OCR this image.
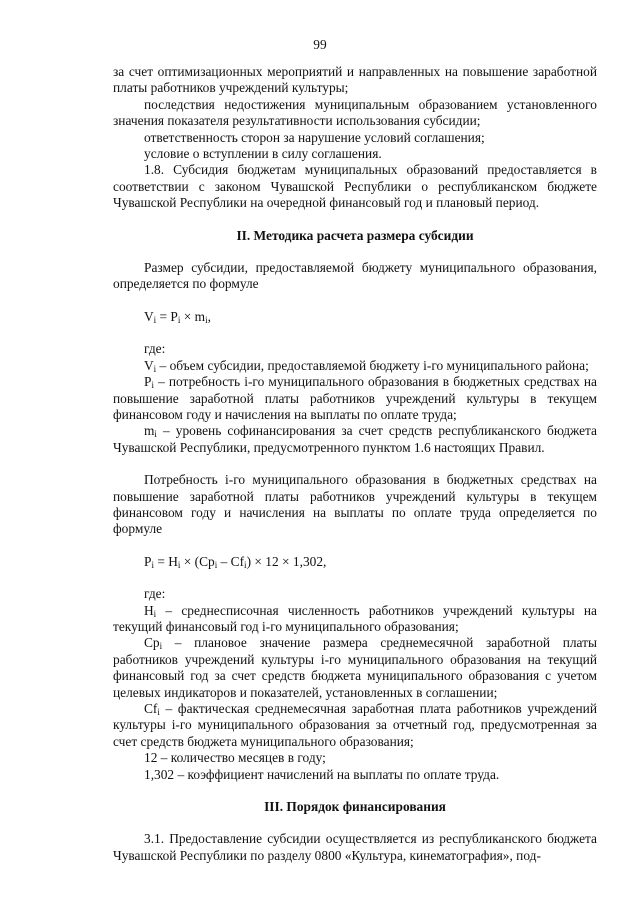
99

за счет оптимизационных мероприятий и направленных на повышение заработной платы работников учреждений культуры;

последствия недостижения муниципальным образованием установленного значения показателя результативности использования субсидии;

ответственность сторон за нарушение условий соглашения;

условие о вступлении в силу соглашения.

1.8. Субсидия бюджетам муниципальных образований предоставляется в соответствии с законом Чувашской Республики о республиканском бюджете Чувашской Республики на очередной финансовый год и плановый период.

II. Методика расчета размера субсидии

Размер субсидии, предоставляемой бюджету муниципального образования, определяется по формуле

$V_i = P_i \times m_i$,

где:

$V_i$ – объем субсидии, предоставляемой бюджету i-го муниципального района;

$P_i$ – потребность i-го муниципального образования в бюджетных средствах на повышение заработной платы работников учреждений культуры в текущем финансовом году и начисления на выплаты по оплате труда;

$m_i$ – уровень софинансирования за счет средств республиканского бюджета Чувашской Республики, предусмотренного пунктом 1.6 настоящих Правил.

Потребность i-го муниципального образования в бюджетных средствах на повышение заработной платы работников учреждений культуры в текущем финансовом году и начисления на выплаты по оплате труда определяется по формуле

$P_i = Н_i \times (Ср_i - Сf_i) \times 12 \times 1,302$,

где:

$Н_i$ – среднесписочная численность работников учреждений культуры на текущий финансовый год i-го муниципального образования;

$Ср_i$ – плановое значение размера среднемесячной заработной платы работников учреждений культуры i-го муниципального образования на текущий финансовый год за счет средств бюджета муниципального образования с учетом целевых индикаторов и показателей, установленных в соглашении;

$Сf_i$ – фактическая среднемесячная заработная плата работников учреждений культуры i-го муниципального образования за отчетный год, предусмотренная за счет средств бюджета муниципального образования;

12 – количество месяцев в году;

1,302 – коэффициент начислений на выплаты по оплате труда.

III. Порядок финансирования

3.1. Предоставление субсидии осуществляется из республиканского бюджета Чувашской Республики по разделу 0800 «Культура, кинематография», под-
